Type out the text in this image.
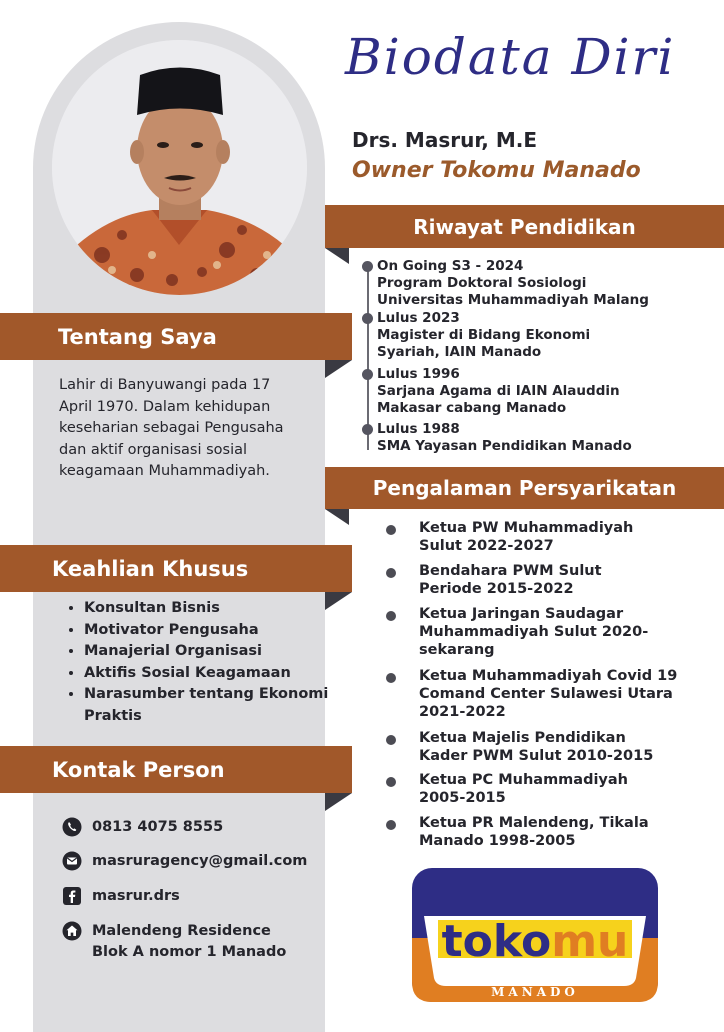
Biodata Diri
Drs. Masrur, M.E
Owner Tokomu Manado
Riwayat Pendidikan
On Going S3 - 2024
Program Doktoral Sosiologi
Universitas Muhammadiyah Malang
Lulus 2023
Magister di Bidang Ekonomi
Syariah, IAIN Manado
Lulus 1996
Sarjana Agama di IAIN Alauddin
Makasar cabang Manado
Lulus 1988
SMA Yayasan Pendidikan Manado
Pengalaman Persyarikatan
Ketua PW Muhammadiyah
Sulut 2022-2027
Bendahara PWM Sulut
Periode 2015-2022
Ketua Jaringan Saudagar
Muhammadiyah Sulut 2020-
sekarang
Ketua Muhammadiyah Covid 19
Comand Center Sulawesi Utara
2021-2022
Ketua Majelis Pendidikan
Kader PWM Sulut 2010-2015
Ketua PC Muhammadiyah
2005-2015
Ketua PR Malendeng, Tikala
Manado 1998-2005
Tentang Saya
Lahir di Banyuwangi pada 17 April 1970. Dalam kehidupan keseharian sebagai Pengusaha dan aktif organisasi sosial keagamaan Muhammadiyah.
Keahlian Khusus
• Konsultan Bisnis
• Motivator Pengusaha
• Manajerial Organisasi
• Aktifis Sosial Keagamaan
• Narasumber tentang Ekonomi Praktis
Kontak Person
0813 4075 8555
masruragency@gmail.com
masrur.drs
Malendeng Residence
Blok A nomor 1 Manado	tokomu
MANADO
